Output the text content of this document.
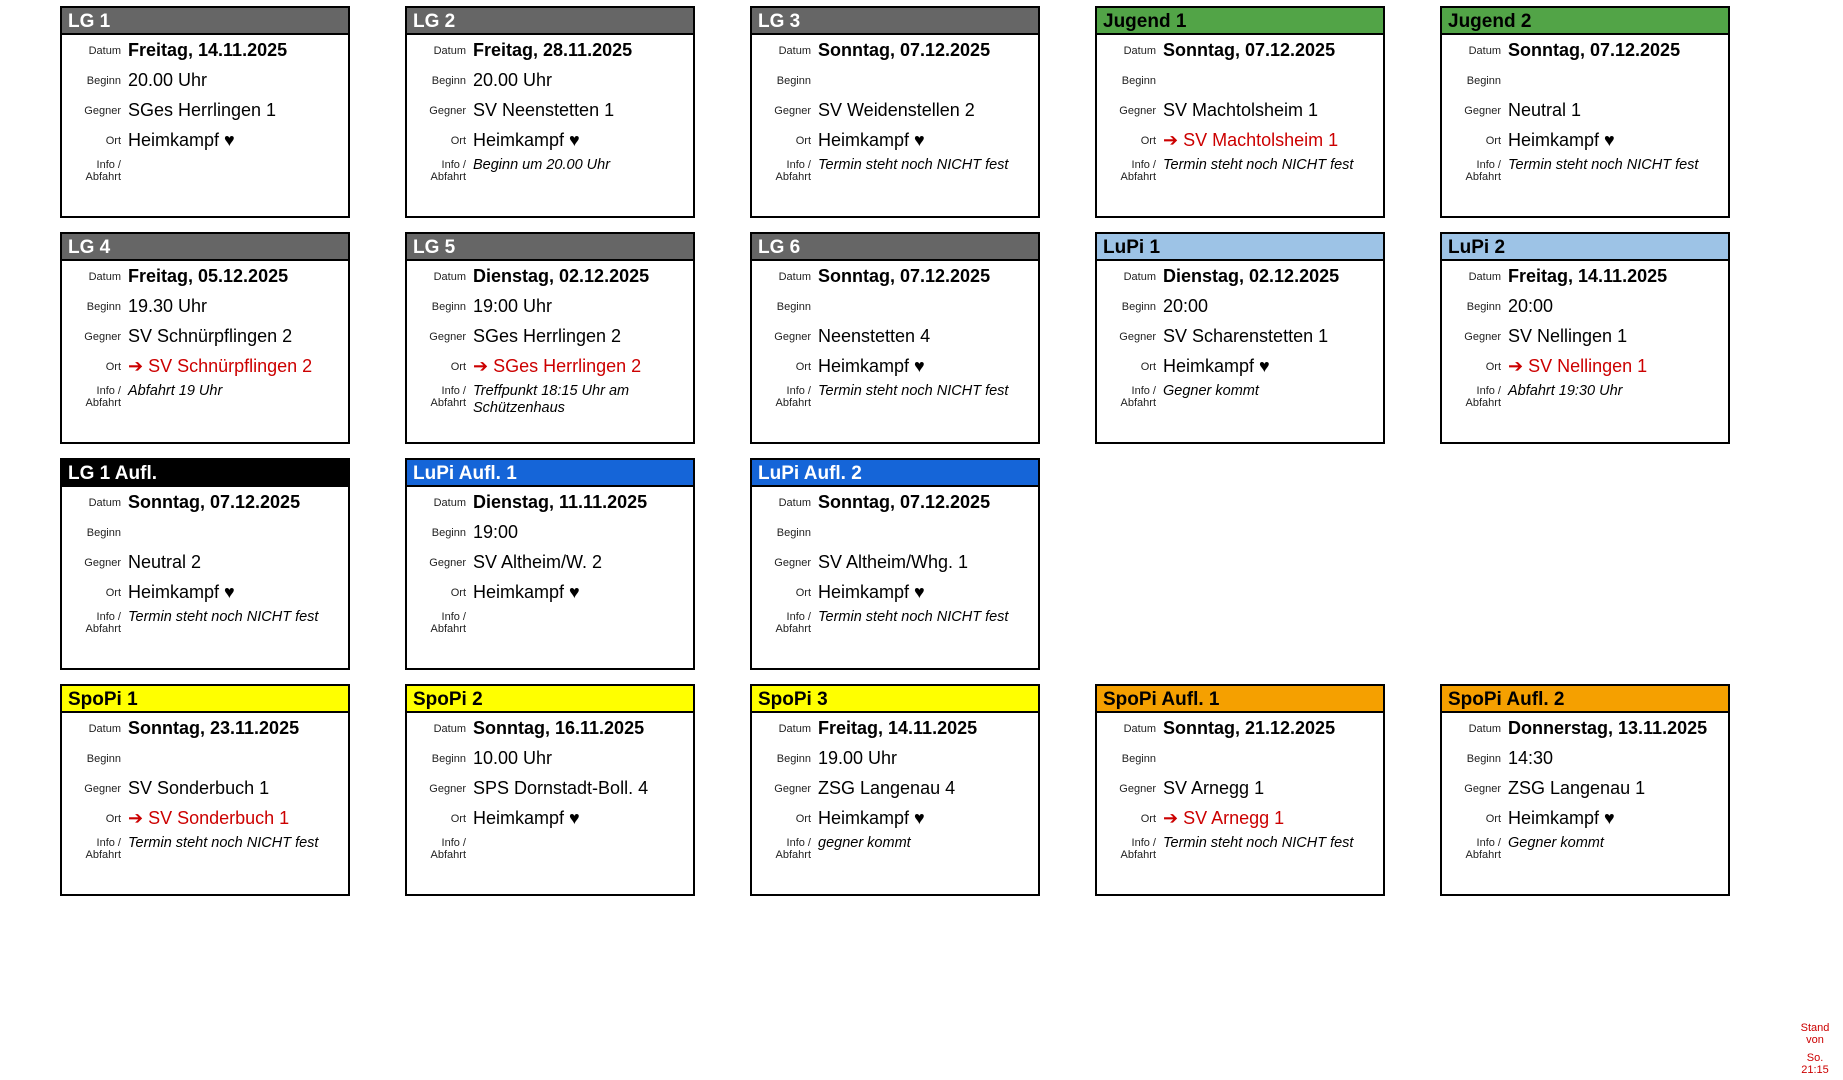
LG 1
Datum Freitag, 14.11.2025
Beginn 20.00 Uhr
Gegner SGes Herrlingen 1
Ort Heimkampf ♥
Info /
Abfahrt
LG 2
Datum Freitag, 28.11.2025
Beginn 20.00 Uhr
Gegner SV Neenstetten 1
Ort Heimkampf ♥
Info /
Abfahrt
Beginn um 20.00 Uhr
LG 3
Datum Sonntag, 07.12.2025
Beginn
Gegner SV Weidenstellen 2
Ort Heimkampf ♥
Info /
Abfahrt
Termin steht noch NICHT fest
Jugend 1
Datum Sonntag, 07.12.2025
Beginn
Gegner SV Machtolsheim 1
Ort ➔ SV Machtolsheim 1
Info /
Abfahrt
Termin steht noch NICHT fest
Jugend 2
Datum Sonntag, 07.12.2025
Beginn
Gegner Neutral 1
Ort Heimkampf ♥
Info /
Abfahrt
Termin steht noch NICHT fest
LG 4
Datum Freitag, 05.12.2025
Beginn 19.30 Uhr
Gegner SV Schnürpflingen 2
Ort ➔ SV Schnürpflingen 2
Info /
Abfahrt
Abfahrt 19 Uhr
LG 5
Datum Dienstag, 02.12.2025
Beginn 19:00 Uhr
Gegner SGes Herrlingen 2
Ort ➔ SGes Herrlingen 2
Info /
Abfahrt
Treffpunkt 18:15 Uhr am Schützenhaus
LG 6
Datum Sonntag, 07.12.2025
Beginn
Gegner Neenstetten 4
Ort Heimkampf ♥
Info /
Abfahrt
Termin steht noch NICHT fest
LuPi 1
Datum Dienstag, 02.12.2025
Beginn 20:00
Gegner SV Scharenstetten 1
Ort Heimkampf ♥
Info /
Abfahrt
Gegner kommt
LuPi 2
Datum Freitag, 14.11.2025
Beginn 20:00
Gegner SV Nellingen 1
Ort ➔ SV Nellingen 1
Info /
Abfahrt
Abfahrt 19:30 Uhr
LG 1 Aufl.
Datum Sonntag, 07.12.2025
Beginn
Gegner Neutral 2
Ort Heimkampf ♥
Info /
Abfahrt
Termin steht noch NICHT fest
LuPi Aufl. 1
Datum Dienstag, 11.11.2025
Beginn 19:00
Gegner SV Altheim/W. 2
Ort Heimkampf ♥
Info /
Abfahrt
LuPi Aufl. 2
Datum Sonntag, 07.12.2025
Beginn
Gegner SV Altheim/Whg. 1
Ort Heimkampf ♥
Info /
Abfahrt
Termin steht noch NICHT fest
SpoPi 1
Datum Sonntag, 23.11.2025
Beginn
Gegner SV Sonderbuch 1
Ort ➔ SV Sonderbuch 1
Info /
Abfahrt
Termin steht noch NICHT fest
SpoPi 2
Datum Sonntag, 16.11.2025
Beginn 10.00 Uhr
Gegner SPS Dornstadt-Boll. 4
Ort Heimkampf ♥
Info /
Abfahrt
SpoPi 3
Datum Freitag, 14.11.2025
Beginn 19.00 Uhr
Gegner ZSG Langenau 4
Ort Heimkampf ♥
Info /
Abfahrt
gegner kommt
SpoPi Aufl. 1
Datum Sonntag, 21.12.2025
Beginn
Gegner SV Arnegg 1
Ort ➔ SV Arnegg 1
Info /
Abfahrt
Termin steht noch NICHT fest
SpoPi Aufl. 2
Datum Donnerstag, 13.11.2025
Beginn 14:30
Gegner ZSG Langenau 1
Ort Heimkampf ♥
Info /
Abfahrt
Gegner kommt
Stand
von
So.
21:15
